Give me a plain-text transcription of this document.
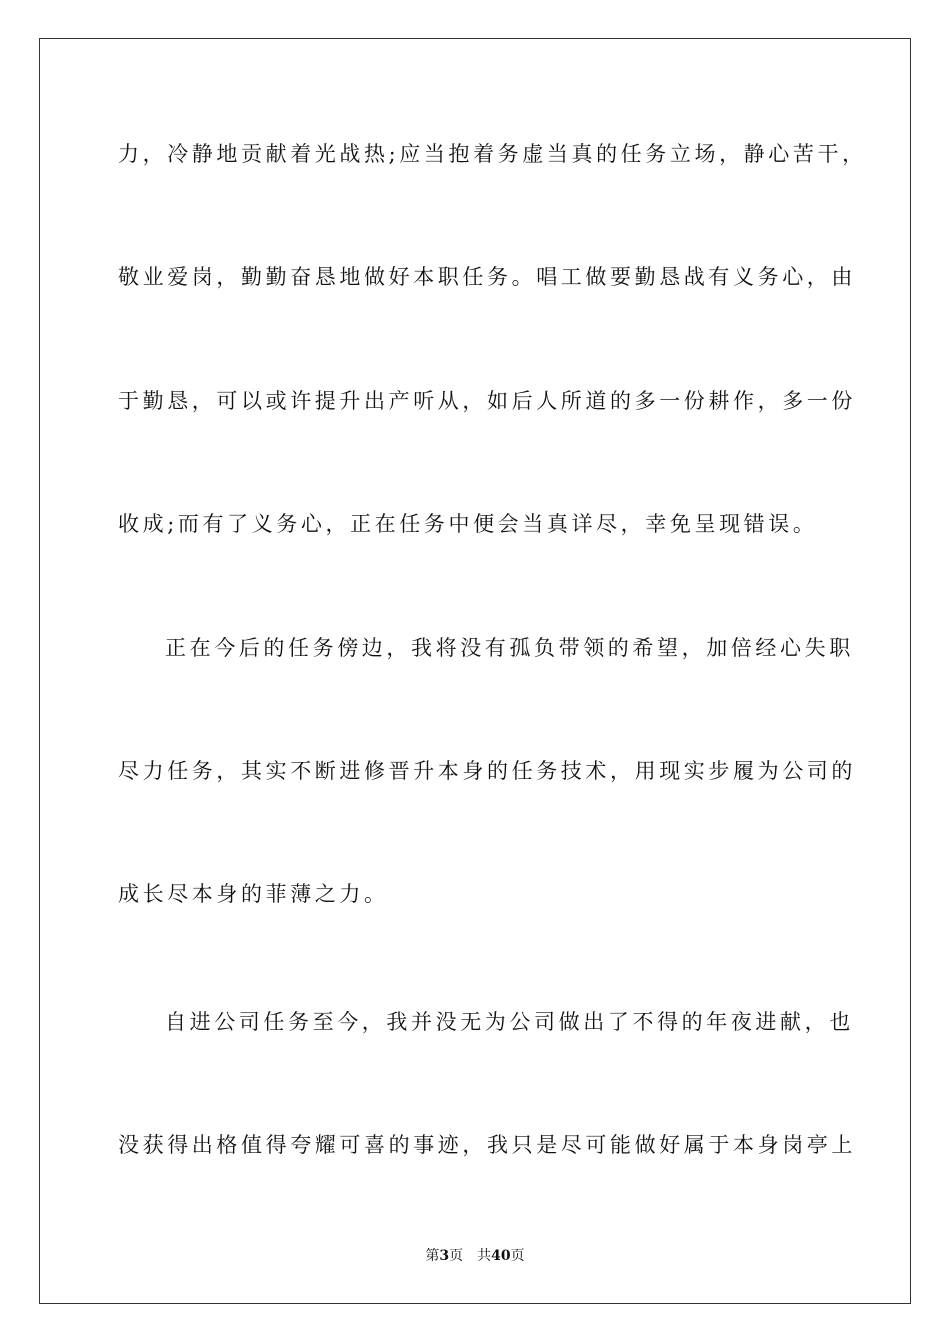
力，冷静地贡献着光战热;应当抱着务虚当真的任务立场，静心苦干，
敬业爱岗，勤勤奋恳地做好本职任务。唱工做要勤恳战有义务心，由
于勤恳，可以或许提升出产听从，如后人所道的多一份耕作，多一份
收成;而有了义务心，正在任务中便会当真详尽，幸免呈现错误。
正在今后的任务傍边，我将没有孤负带领的希望，加倍经心失职
尽力任务，其实不断进修晋升本身的任务技术，用现实步履为公司的
成长尽本身的菲薄之力。
自进公司任务至今，我并没无为公司做出了不得的年夜进献，也
没获得出格值得夸耀可喜的事迹，我只是尽可能做好属于本身岗亭上
第3页 共40页
